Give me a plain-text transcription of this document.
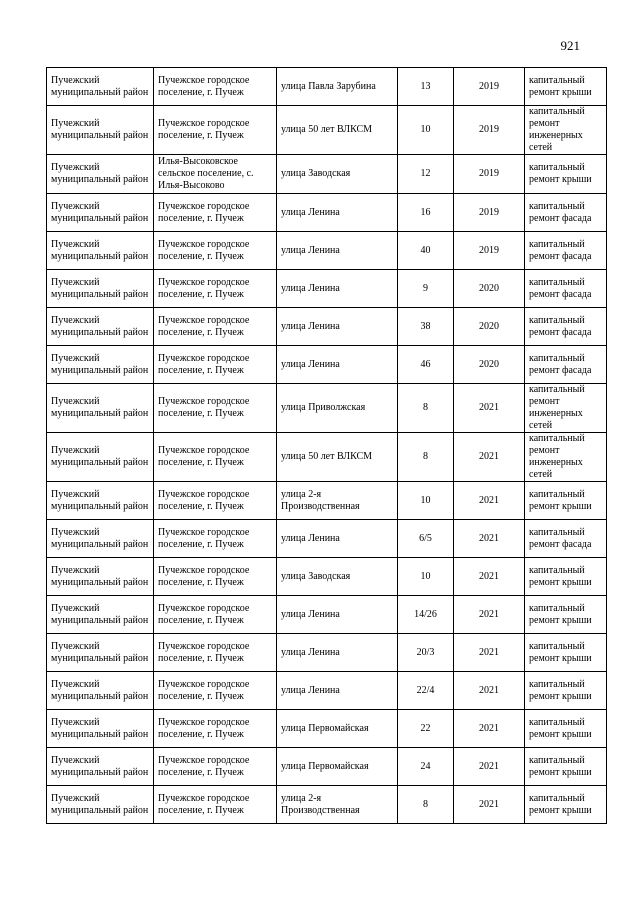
921
Пучежский муниципальный район	Пучежское городское поселение, г. Пучеж	улица Павла Зарубина	13	2019	капитальный ремонт крыши
Пучежский муниципальный район	Пучежское городское поселение, г. Пучеж	улица 50 лет ВЛКСМ	10	2019	капитальный ремонт инженерных сетей
Пучежский муниципальный район	Илья-Высоковское сельское поселение, с. Илья-Высоково	улица Заводская	12	2019	капитальный ремонт крыши
Пучежский муниципальный район	Пучежское городское поселение, г. Пучеж	улица Ленина	16	2019	капитальный ремонт фасада
Пучежский муниципальный район	Пучежское городское поселение, г. Пучеж	улица Ленина	40	2019	капитальный ремонт фасада
Пучежский муниципальный район	Пучежское городское поселение, г. Пучеж	улица Ленина	9	2020	капитальный ремонт фасада
Пучежский муниципальный район	Пучежское городское поселение, г. Пучеж	улица Ленина	38	2020	капитальный ремонт фасада
Пучежский муниципальный район	Пучежское городское поселение, г. Пучеж	улица Ленина	46	2020	капитальный ремонт фасада
Пучежский муниципальный район	Пучежское городское поселение, г. Пучеж	улица Приволжская	8	2021	капитальный ремонт инженерных сетей
Пучежский муниципальный район	Пучежское городское поселение, г. Пучеж	улица 50 лет ВЛКСМ	8	2021	капитальный ремонт инженерных сетей
Пучежский муниципальный район	Пучежское городское поселение, г. Пучеж	улица 2-я Производственная	10	2021	капитальный ремонт крыши
Пучежский муниципальный район	Пучежское городское поселение, г. Пучеж	улица Ленина	6/5	2021	капитальный ремонт фасада
Пучежский муниципальный район	Пучежское городское поселение, г. Пучеж	улица Заводская	10	2021	капитальный ремонт крыши
Пучежский муниципальный район	Пучежское городское поселение, г. Пучеж	улица Ленина	14/26	2021	капитальный ремонт крыши
Пучежский муниципальный район	Пучежское городское поселение, г. Пучеж	улица Ленина	20/3	2021	капитальный ремонт крыши
Пучежский муниципальный район	Пучежское городское поселение, г. Пучеж	улица Ленина	22/4	2021	капитальный ремонт крыши
Пучежский муниципальный район	Пучежское городское поселение, г. Пучеж	улица Первомайская	22	2021	капитальный ремонт крыши
Пучежский муниципальный район	Пучежское городское поселение, г. Пучеж	улица Первомайская	24	2021	капитальный ремонт крыши
Пучежский муниципальный район	Пучежское городское поселение, г. Пучеж	улица 2-я Производственная	8	2021	капитальный ремонт крыши
